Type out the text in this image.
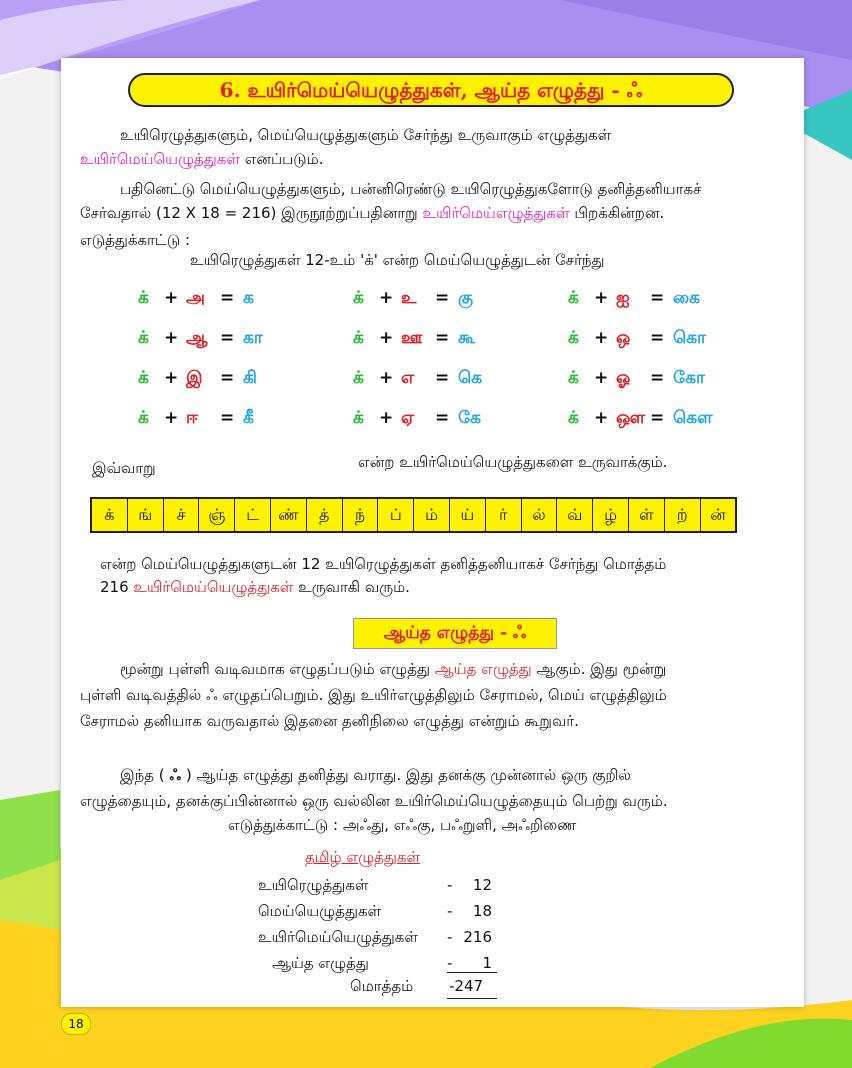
6. உயிர்மெய்யெழுத்துகள், ஆய்த எழுத்து - ஃ
உயிரெழுத்துகளும், மெய்யெழுத்துகளும் சேர்ந்து உருவாகும் எழுத்துகள்
உயிர்மெய்யெழுத்துகள் எனப்படும்.
பதினெட்டு மெய்யெழுத்துகளும், பன்னிரெண்டு உயிரெழுத்துகளோடு தனித்தனியாகச்
சேர்வதால் (12 X 18 = 216) இருநூற்றுப்பதினாறு உயிர்மெய்எழுத்துகள் பிறக்கின்றன.
எடுத்துக்காட்டு :
உயிரெழுத்துகள் 12-உம் 'க்' என்ற மெய்யெழுத்துடன் சேர்ந்து
க் + அ = க	க் + உ = கு	க் + ஐ = கை
க் + ஆ = கா	க் + ஊ = கூ	க் + ஒ = கொ
க் + இ = கி	க் + எ = கெ	க் + ஓ = கோ
க் + ஈ = கீ	க் + ஏ = கே	க் + ஔ = கௌ
என்ற உயிர்மெய்யெழுத்துகளை உருவாக்கும்.
இவ்வாறு
க்	ங்	ச்	ஞ்	ட்	ண்	த்	ந்	ப்	ம்	ய்	ர்	ல்	வ்	ழ்	ள்	ற்	ன்
என்ற மெய்யெழுத்துகளுடன் 12 உயிரெழுத்துகள் தனித்தனியாகச் சேர்ந்து மொத்தம்
216 உயிர்மெய்யெழுத்துகள் உருவாகி வரும்.
ஆய்த எழுத்து - ஃ
மூன்று புள்ளி வடிவமாக எழுதப்படும் எழுத்து ஆய்த எழுத்து ஆகும். இது மூன்று
புள்ளி வடிவத்தில் ஃ எழுதப்பெறும். இது உயிர்எழுத்திலும் சேராமல், மெய் எழுத்திலும்
சேராமல் தனியாக வருவதால் இதனை தனிநிலை எழுத்து என்றும் கூறுவர்.
இந்த ( ஃ ) ஆய்த எழுத்து தனித்து வராது. இது தனக்கு முன்னால் ஒரு குறில்
எழுத்தையும், தனக்குப்பின்னால் ஒரு வல்லின உயிர்மெய்யெழுத்தையும் பெற்று வரும்.
எடுத்துக்காட்டு : அஃது, எஃகு, பஃறுளி, அஃறிணை
தமிழ் எழுத்துகள்
உயிரெழுத்துகள்	-	12
மெய்யெழுத்துகள்	-	18
உயிர்மெய்யெழுத்துகள் - 216
ஆய்த எழுத்து	-	1
மொத்தம் -247
18
